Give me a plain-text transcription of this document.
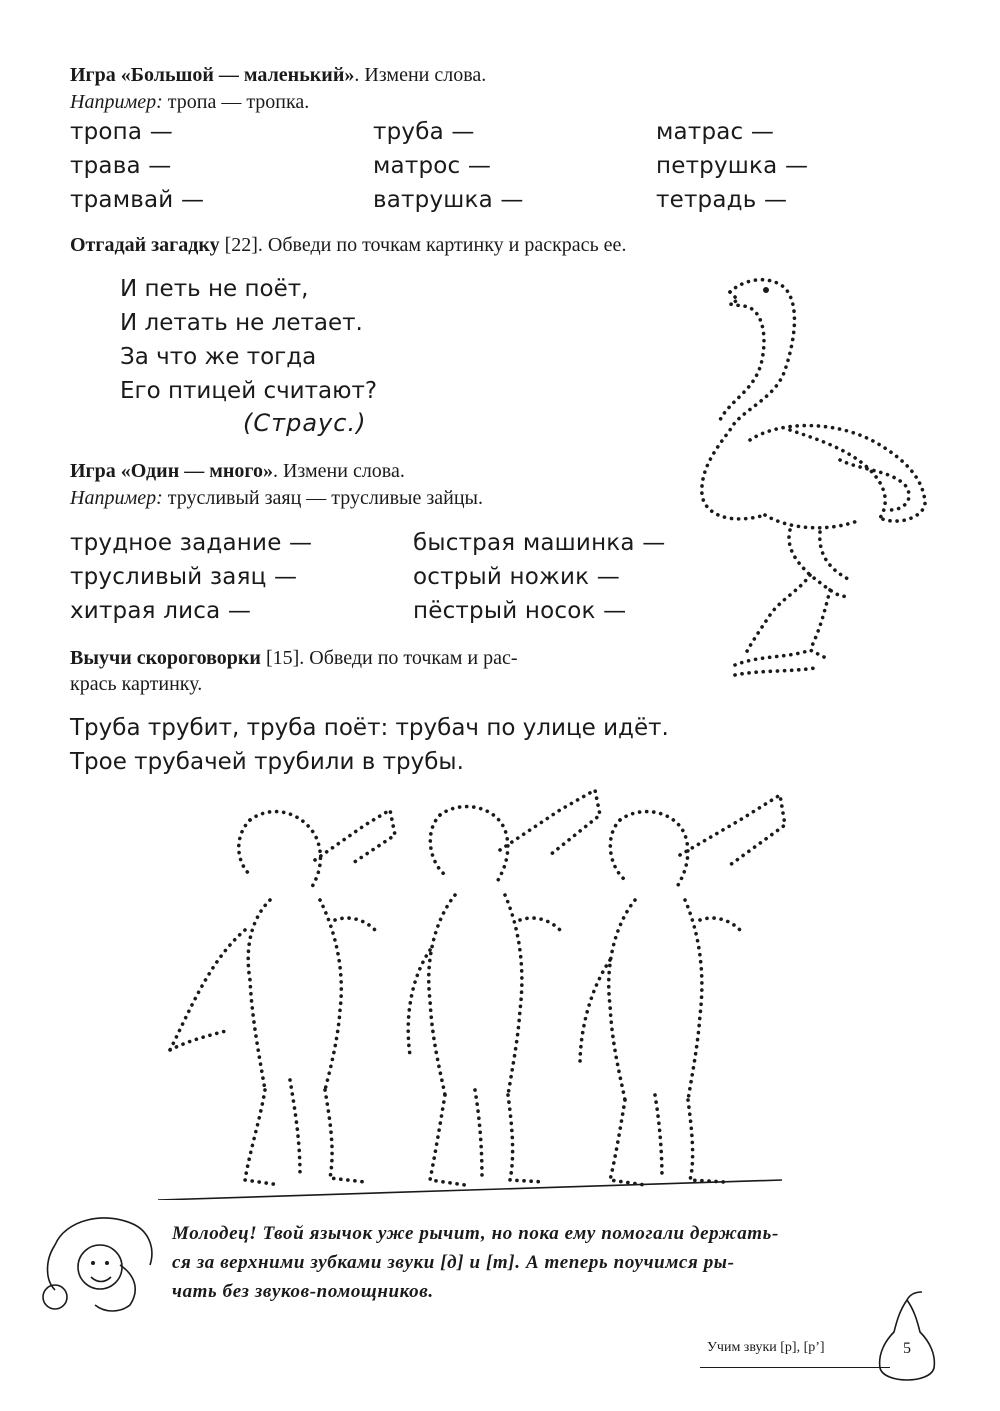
Игра «Большой — маленький». Измени слова.
Например: тропа — тропка.
тропа —
трава —
трамвай —
труба —
матрос —
ватрушка —
матрас —
петрушка —
тетрадь —
Отгадай загадку [22]. Обведи по точкам картинку и раскрась ее.
И петь не поёт,
И летать не летает.
За что же тогда
Его птицей считают?
(Страус.)
Игра «Один — много». Измени слова.
Например: трусливый заяц — трусливые зайцы.
трудное задание —
трусливый заяц —
хитрая лиса —
быстрая машинка —
острый ножик —
пёстрый носок —
Выучи скороговорки [15]. Обведи по точкам и рас-
крась картинку.
Труба трубит, труба поёт: трубач по улице идёт.
Трое трубачей трубили в трубы.
Молодец! Твой язычок уже рычит, но пока ему помогали держать-
ся за верхними зубками звуки [д] и [т]. А теперь поучимся ры-
чать без звуков-помощников.
Учим звуки [р], [р’]	5
